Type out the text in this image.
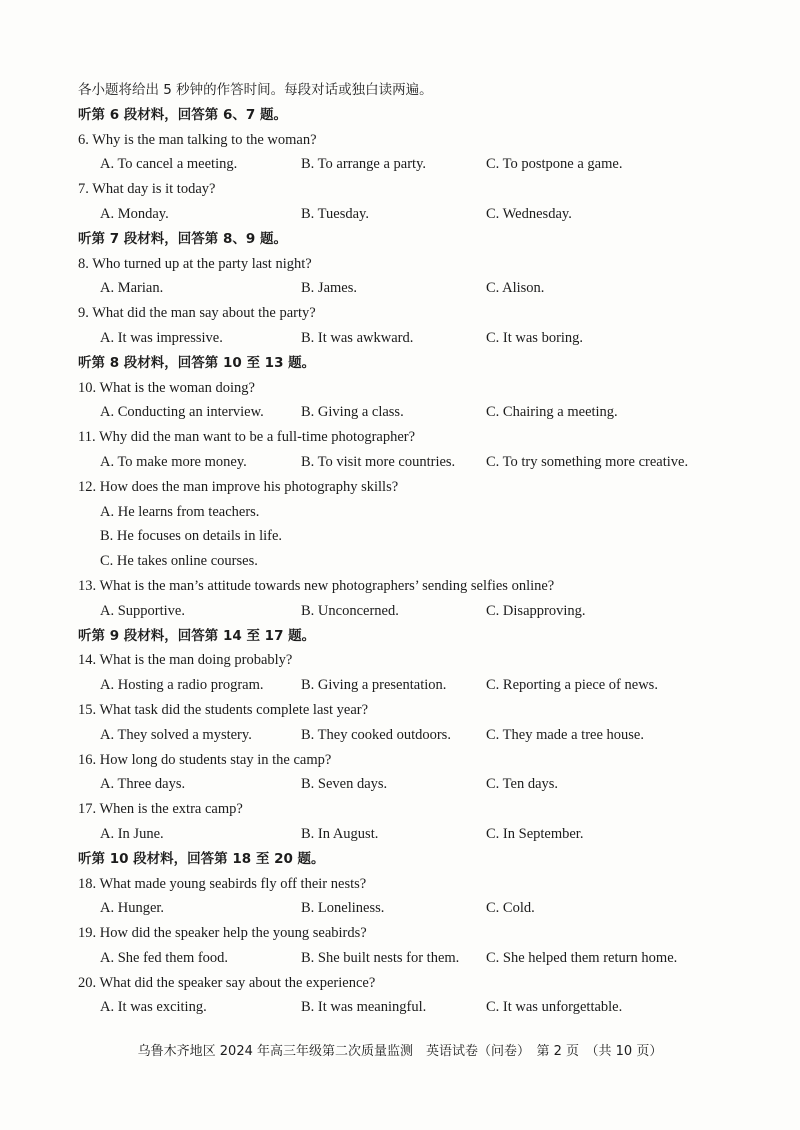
各小题将给出 5 秒钟的作答时间。每段对话或独白读两遍。
听第 6 段材料，回答第 6、7 题。
6. Why is the man talking to the woman?
A. To cancel a meeting.	B. To arrange a party.	C. To postpone a game.
7. What day is it today?
A. Monday.	B. Tuesday.	C. Wednesday.
听第 7 段材料，回答第 8、9 题。
8. Who turned up at the party last night?
A. Marian.	B. James.	C. Alison.
9. What did the man say about the party?
A. It was impressive.	B. It was awkward.	C. It was boring.
听第 8 段材料，回答第 10 至 13 题。
10. What is the woman doing?
A. Conducting an interview.	B. Giving a class.	C. Chairing a meeting.
11. Why did the man want to be a full-time photographer?
A. To make more money.	B. To visit more countries. C. To try something more creative.
12. How does the man improve his photography skills?
A. He learns from teachers.
B. He focuses on details in life.
C. He takes online courses.
13. What is the man’s attitude towards new photographers’ sending selfies online?
A. Supportive.	B. Unconcerned.	C. Disapproving.
听第 9 段材料，回答第 14 至 17 题。
14. What is the man doing probably?
A. Hosting a radio program.	B. Giving a presentation.	C. Reporting a piece of news.
15. What task did the students complete last year?
A. They solved a mystery.	B. They cooked outdoors. C. They made a tree house.
16. How long do students stay in the camp?
A. Three days.	B. Seven days.	C. Ten days.
17. When is the extra camp?
A. In June.	B. In August.	C. In September.
听第 10 段材料，回答第 18 至 20 题。
18. What made young seabirds fly off their nests?
A. Hunger.	B. Loneliness.	C. Cold.
19. How did the speaker help the young seabirds?
A. She fed them food.	B. She built nests for them. C. She helped them return home.
20. What did the speaker say about the experience?
A. It was exciting.	B. It was meaningful.	C. It was unforgettable.
乌鲁木齐地区 2024 年高三年级第二次质量监测　英语试卷（问卷）　第 2 页　（共 10 页）
